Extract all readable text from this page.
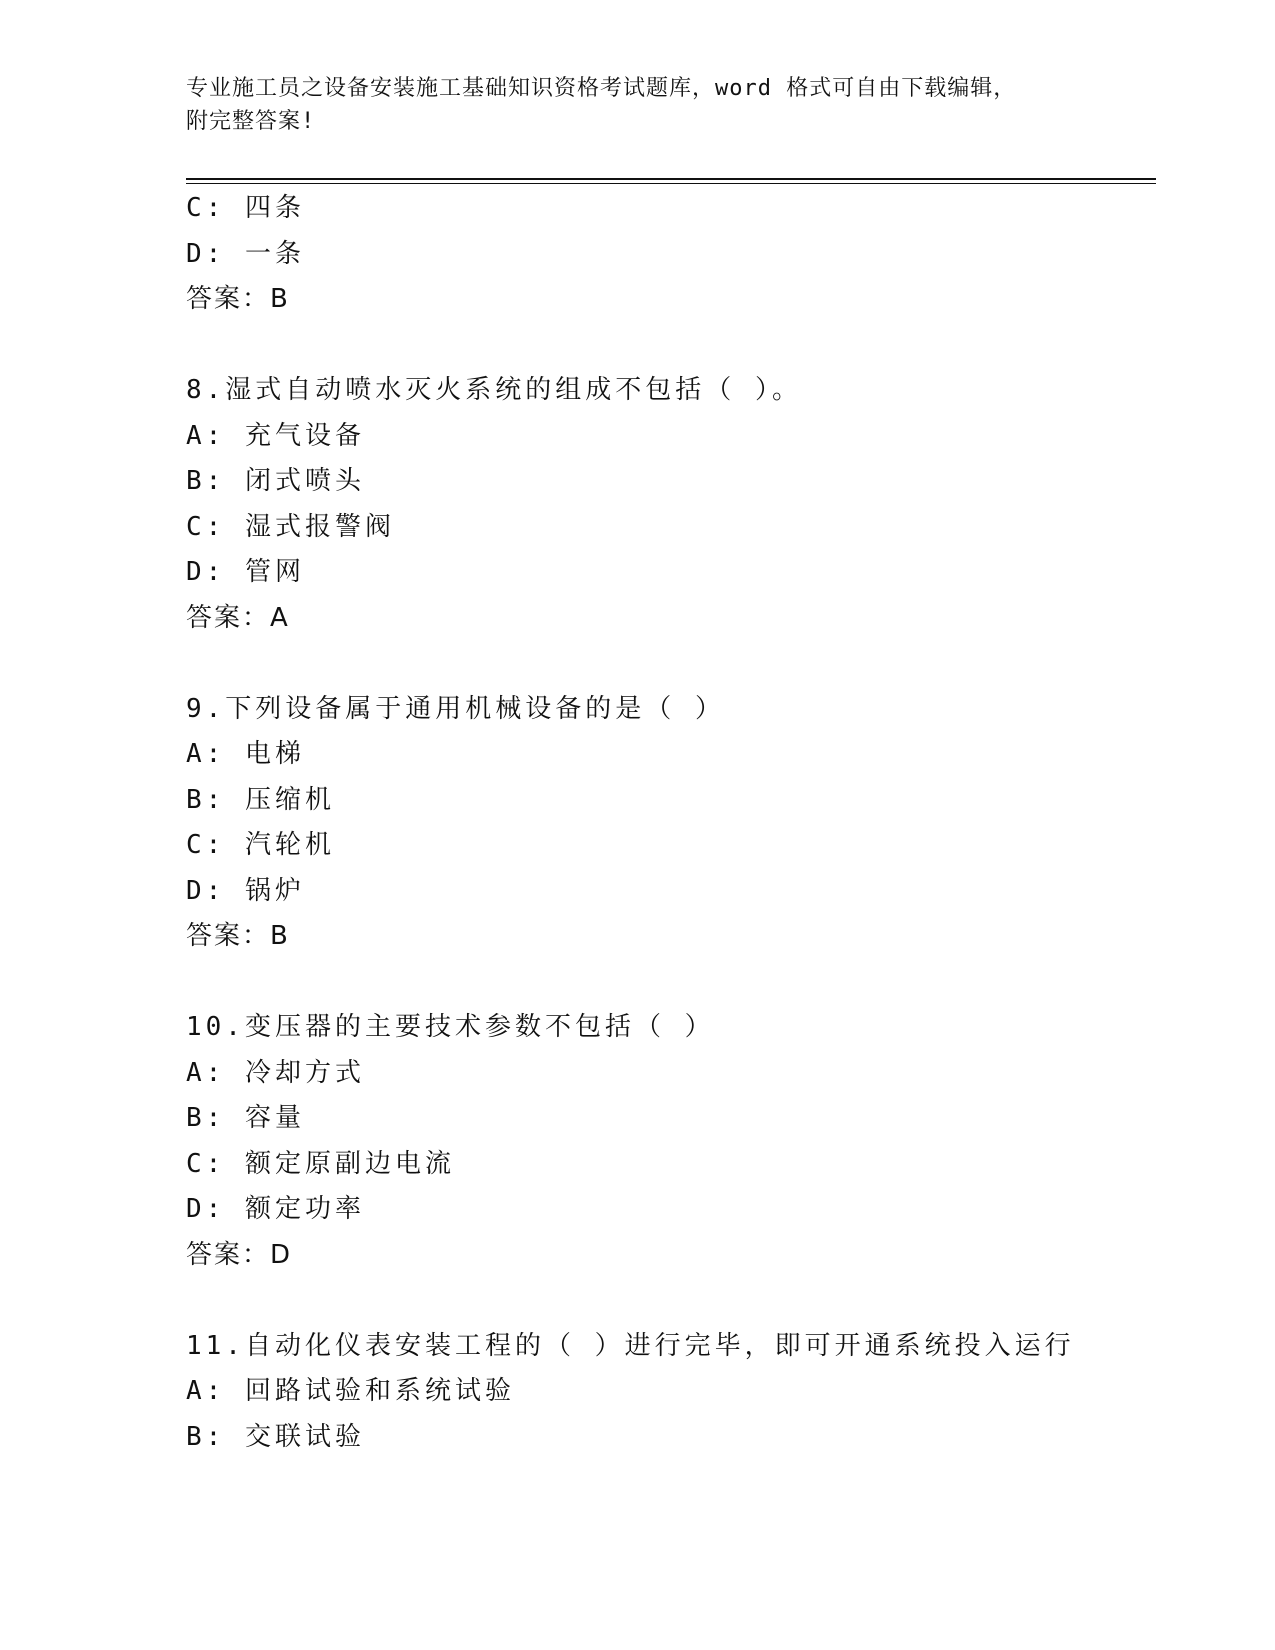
专业施工员之设备安装施工基础知识资格考试题库，word 格式可自由下载编辑，
附完整答案!
C: 四条
D: 一条
答案：B
8.湿式自动喷水灭火系统的组成不包括（ ）。
A: 充气设备
B: 闭式喷头
C: 湿式报警阀
D: 管网
答案：A
9.下列设备属于通用机械设备的是（ ）
A: 电梯
B: 压缩机
C: 汽轮机
D: 锅炉
答案：B
10.变压器的主要技术参数不包括（ ）
A: 冷却方式
B: 容量
C: 额定原副边电流
D: 额定功率
答案：D
11.自动化仪表安装工程的（ ）进行完毕，即可开通系统投入运行
A: 回路试验和系统试验
B: 交联试验
